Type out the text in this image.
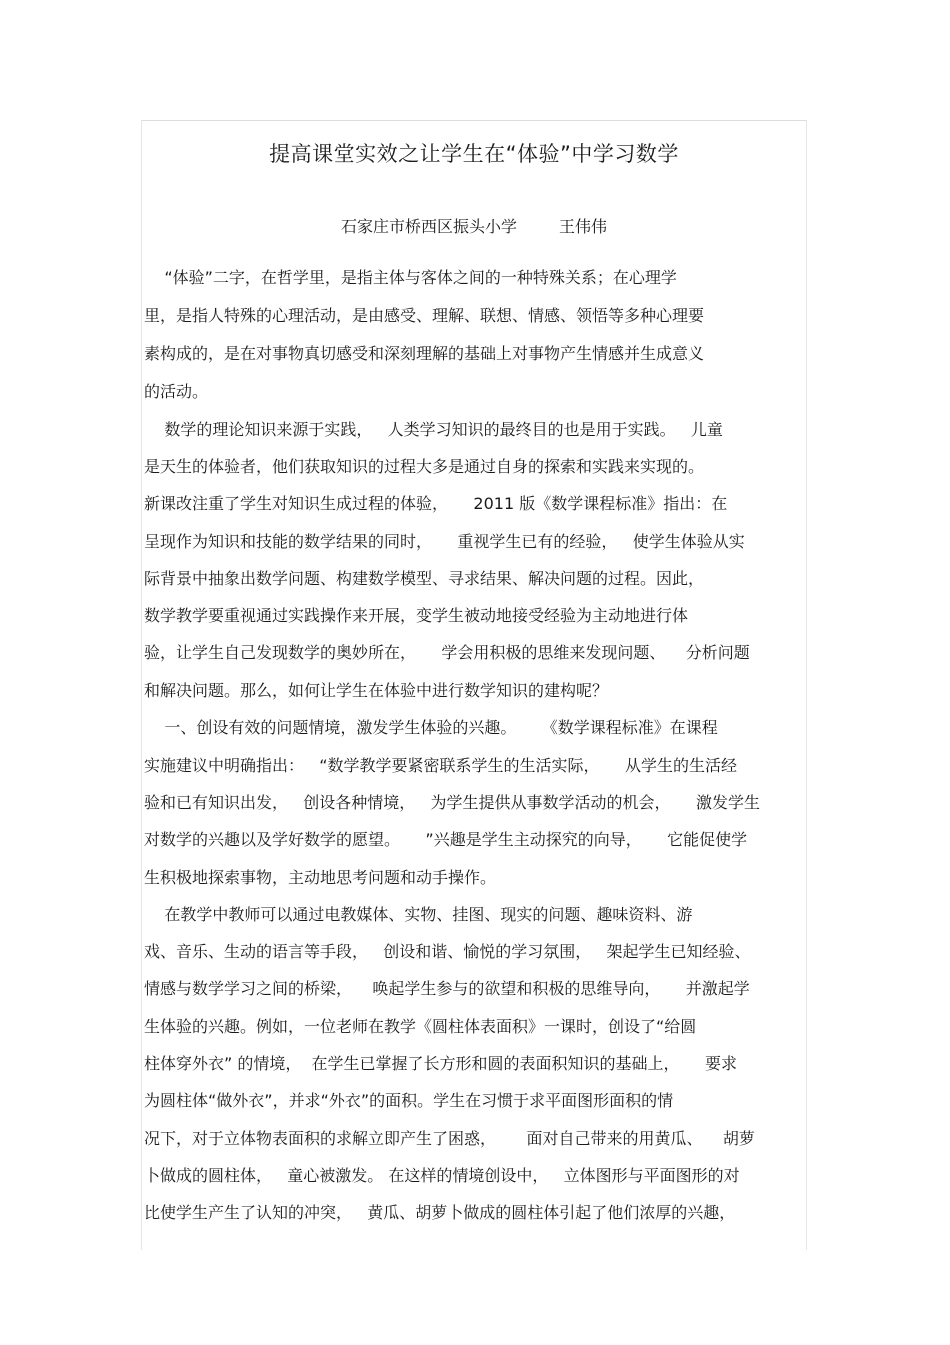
提高课堂实效之让学生在“体验”中学习数学
石家庄市桥西区振头小学	王伟伟
“体验”二字，在哲学里，是指主体与客体之间的一种特殊关系；在心理学
里，是指人特殊的心理活动，是由感受、理解、联想、情感、领悟等多种心理要
素构成的，是在对事物真切感受和深刻理解的基础上对事物产生情感并生成意义
的活动。
数学的理论知识来源于实践，   人类学习知识的最终目的也是用于实践。   儿童
是天生的体验者，他们获取知识的过程大多是通过自身的探索和实践来实现的。
新课改注重了学生对知识生成过程的体验，     2011 版《数学课程标准》指出：在
呈现作为知识和技能的数学结果的同时，     重视学生已有的经验，   使学生体验从实
际背景中抽象出数学问题、构建数学模型、寻求结果、解决问题的过程。因此，
数学教学要重视通过实践操作来开展，变学生被动地接受经验为主动地进行体
验，让学生自己发现数学的奥妙所在，     学会用积极的思维来发现问题、    分析问题
和解决问题。那么，如何让学生在体验中进行数学知识的建构呢？
一、创设有效的问题情境，激发学生体验的兴趣。     《数学课程标准》在课程
实施建议中明确指出：   “数学教学要紧密联系学生的生活实际，     从学生的生活经
验和已有知识出发，   创设各种情境，   为学生提供从事数学活动的机会，     激发学生
对数学的兴趣以及学好数学的愿望。     ”兴趣是学生主动探究的向导，     它能促使学
生积极地探索事物，主动地思考问题和动手操作。
在教学中教师可以通过电教媒体、实物、挂图、现实的问题、趣味资料、游
戏、音乐、生动的语言等手段，   创设和谐、愉悦的学习氛围，   架起学生已知经验、
情感与数学学习之间的桥梁，    唤起学生参与的欲望和积极的思维导向，     并激起学
生体验的兴趣。例如，一位老师在教学《圆柱体表面积》一课时，创设了“给圆
柱体穿外衣” 的情境，  在学生已掌握了长方形和圆的表面积知识的基础上，     要求
为圆柱体“做外衣”，并求“外衣”的面积。学生在习惯于求平面图形面积的情
况下，对于立体物表面积的求解立即产生了困惑，      面对自己带来的用黄瓜、    胡萝
卜做成的圆柱体，   童心被激发。 在这样的情境创设中，   立体图形与平面图形的对
比使学生产生了认知的冲突，   黄瓜、胡萝卜做成的圆柱体引起了他们浓厚的兴趣，
